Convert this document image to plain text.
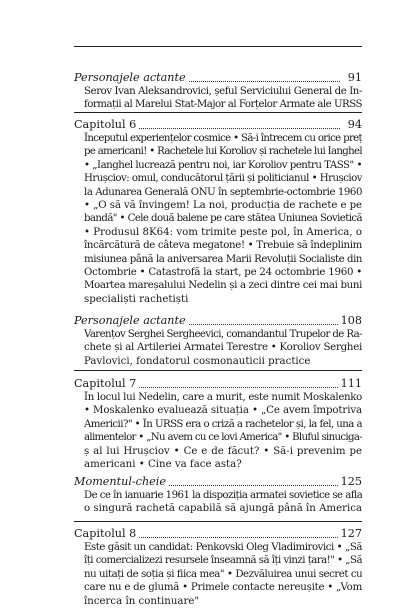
Personajele actante	91
Serov Ivan Aleksandrovici, șeful Serviciului General de In-
formații al Marelui Stat-Major al Forțelor Armate ale URSS
Capitolul 6	94
Începutul experiențelor cosmice • Să-i întrecem cu orice preț
pe americani! • Rachetele lui Koroliov și rachetele lui Ianghel
• „Ianghel lucrează pentru noi, iar Koroliov pentru TASS" •
Hrușciov: omul, conducătorul țării și politicianul • Hrușciov
la Adunarea Generală ONU în septembrie-octombrie 1960
• „O să vă învingem! La noi, producția de rachete e pe
bandă" • Cele două balene pe care stătea Uniunea Sovietică
• Produsul 8K64: vom trimite peste pol, în America, o
încărcătură de câteva megatone! • Trebuie să îndeplinim
misiunea până la aniversarea Marii Revoluții Socialiste din
Octombrie • Catastrofă la start, pe 24 octombrie 1960 •
Moartea mareșalului Nedelin și a zeci dintre cei mai buni
specialiști rachetiști
Personajele actante	108
Varențov Serghei Sergheevici, comandantul Trupelor de Ra-
chete și al Artileriei Armatei Terestre • Koroliov Serghei
Pavlovici, fondatorul cosmonauticii practice
Capitolul 7	111
În locul lui Nedelin, care a murit, este numit Moskalenko
• Moskalenko evaluează situația • „Ce avem împotriva
Americii?" • În URSS era o criză a rachetelor și, la fel, una a
alimentelor • „Nu avem cu ce lovi America" • Bluful sinuciga-
ș al lui Hrușciov • Ce e de făcut? • Să-i prevenim pe
americani • Cine va face asta?
Momentul-cheie	125
De ce în ianuarie 1961 la dispoziția armatei sovietice se afla
o singură rachetă capabilă să ajungă până în America
Capitolul 8	127
Este găsit un candidat: Penkovski Oleg Vladimirovici • „Să
îți comercializezi resursele înseamnă să îți vinzi țara!" • „Să
nu uitați de soția și fiica mea" • Dezvăluirea unui secret cu
care nu e de glumă • Primele contacte nereușite • „Vom
încerca în continuare"
